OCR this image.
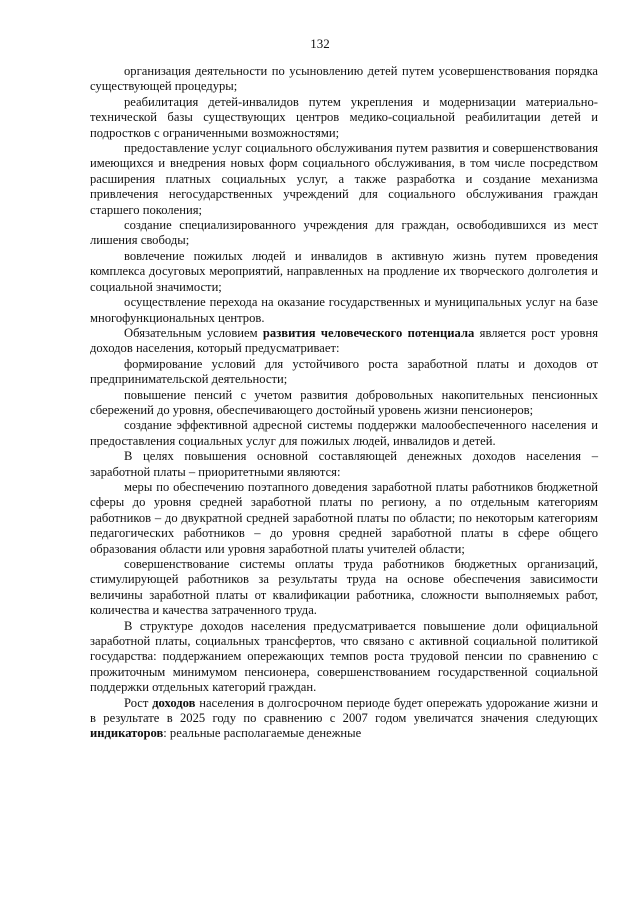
132

организация деятельности по усыновлению детей путем усовершенствования порядка существующей процедуры;

реабилитация детей-инвалидов путем укрепления и модернизации материально-технической базы существующих центров медико-социальной реабилитации детей и подростков с ограниченными возможностями;

предоставление услуг социального обслуживания путем развития и совершенствования имеющихся и внедрения новых форм социального обслуживания, в том числе посредством расширения платных социальных услуг, а также разработка и создание механизма привлечения негосударственных учреждений для социального обслуживания граждан старшего поколения;

создание специализированного учреждения для граждан, освободившихся из мест лишения свободы;

вовлечение пожилых людей и инвалидов в активную жизнь путем проведения комплекса досуговых мероприятий, направленных на продление их творческого долголетия и социальной значимости;

осуществление перехода на оказание государственных и муниципальных услуг на базе многофункциональных центров.

Обязательным условием развития человеческого потенциала является рост уровня доходов населения, который предусматривает:

формирование условий для устойчивого роста заработной платы и доходов от предпринимательской деятельности;

повышение пенсий с учетом развития добровольных накопительных пенсионных сбережений до уровня, обеспечивающего достойный уровень жизни пенсионеров;

создание эффективной адресной системы поддержки малообеспеченного населения и предоставления социальных услуг для пожилых людей, инвалидов и детей.

В целях повышения основной составляющей денежных доходов населения – заработной платы – приоритетными являются:

меры по обеспечению поэтапного доведения заработной платы работников бюджетной сферы до уровня средней заработной платы по региону, а по отдельным категориям работников – до двукратной средней заработной платы по области; по некоторым категориям педагогических работников – до уровня средней заработной платы в сфере общего образования области или уровня заработной платы учителей области;

совершенствование системы оплаты труда работников бюджетных организаций, стимулирующей работников за результаты труда на основе обеспечения зависимости величины заработной платы от квалификации работника, сложности выполняемых работ, количества и качества затраченного труда.

В структуре доходов населения предусматривается повышение доли официальной заработной платы, социальных трансфертов, что связано с активной социальной политикой государства: поддержанием опережающих темпов роста трудовой пенсии по сравнению с прожиточным минимумом пенсионера, совершенствованием государственной социальной поддержки отдельных категорий граждан.

Рост доходов населения в долгосрочном периоде будет опережать удорожание жизни и в результате в 2025 году по сравнению с 2007 годом увеличатся значения следующих индикаторов: реальные располагаемые денежные
